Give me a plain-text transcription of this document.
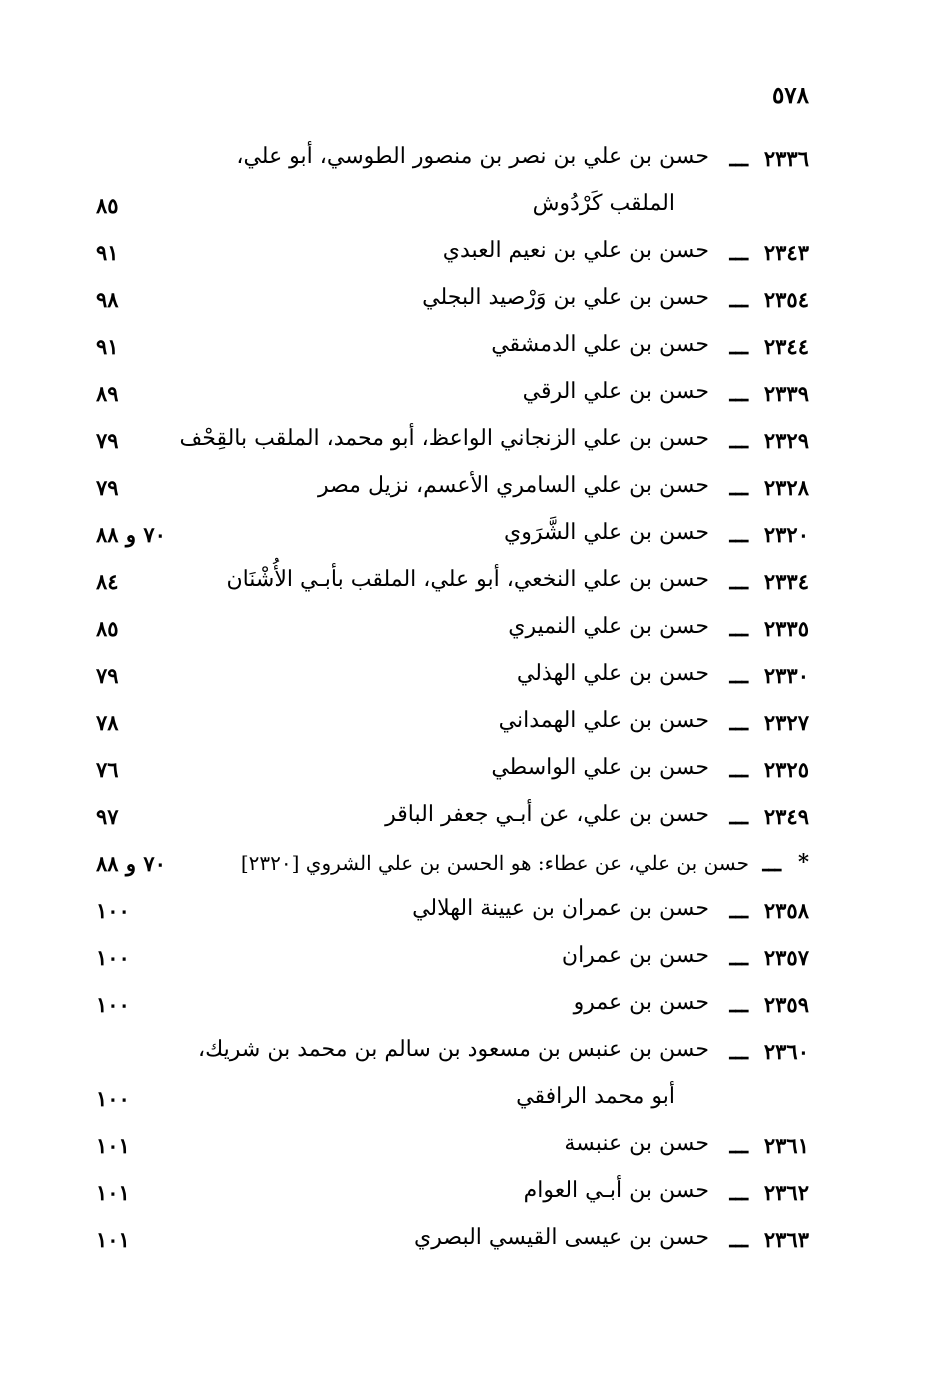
٥٧٨
٢٣٣٦
ـــ
حسن بن علي بن نصر بن منصور الطوسي، أبو علي،
الملقب كَرْدُوش
٨٥
٢٣٤٣
ـــ
حسن بن علي بن نعيم العبدي
٩١
٢٣٥٤
ـــ
حسن بن علي بن وَرْصيد البجلي
٩٨
٢٣٤٤
ـــ
حسن بن علي الدمشقي
٩١
٢٣٣٩
ـــ
حسن بن علي الرقي
٨٩
٢٣٢٩
ـــ
حسن بن علي الزنجاني الواعظ، أبو محمد، الملقب بالقِحْف
٧٩
٢٣٢٨
ـــ
حسن بن علي السامري الأعسم، نزيل مصر
٧٩
٢٣٢٠
ـــ
حسن بن علي الشَّرَوي
٧٠ و ٨٨
٢٣٣٤
ـــ
حسن بن علي النخعي، أبو علي، الملقب بأبـي الأُشْنَان
٨٤
٢٣٣٥
ـــ
حسن بن علي النميري
٨٥
٢٣٣٠
ـــ
حسن بن علي الهذلي
٧٩
٢٣٢٧
ـــ
حسن بن علي الهمداني
٧٨
٢٣٢٥
ـــ
حسن بن علي الواسطي
٧٦
٢٣٤٩
ـــ
حسن بن علي، عن أبـي جعفر الباقر
٩٧
*
ـــ
حسن بن علي، عن عطاء: هو الحسن بن علي الشروي [٢٣٢٠]
٧٠ و ٨٨
٢٣٥٨
ـــ
حسن بن عمران بن عيينة الهلالي
١٠٠
٢٣٥٧
ـــ
حسن بن عمران
١٠٠
٢٣٥٩
ـــ
حسن بن عمرو
١٠٠
٢٣٦٠
ـــ
حسن بن عنبس بن مسعود بن سالم بن محمد بن شريك،
أبو محمد الرافقي
١٠٠
٢٣٦١
ـــ
حسن بن عنبسة
١٠١
٢٣٦٢
ـــ
حسن بن أبـي العوام
١٠١
٢٣٦٣
ـــ
حسن بن عيسى القيسي البصري
١٠١
